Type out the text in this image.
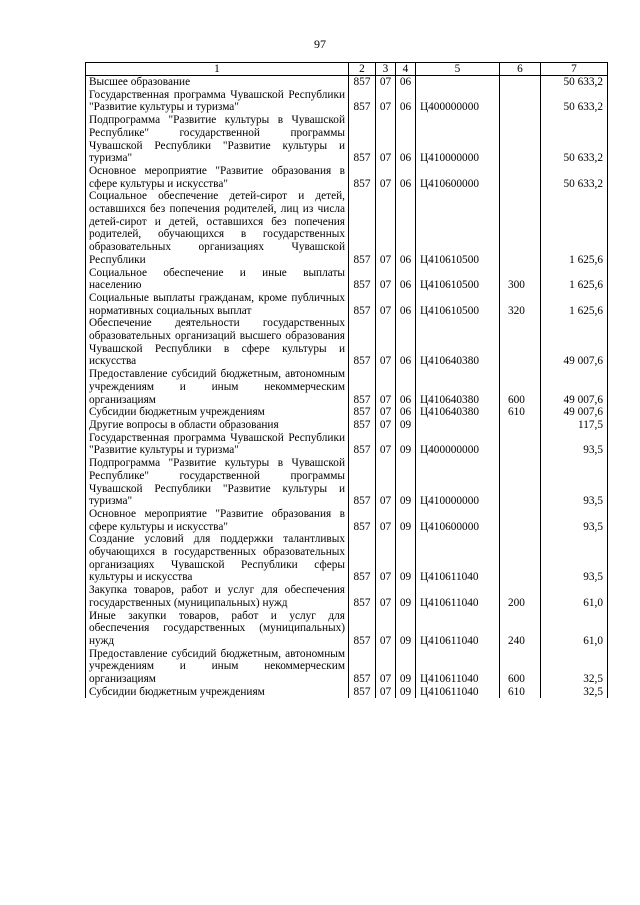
97
1	2	3	4	5	6	7
Высшее образование	857	07	06			50 633,2
Государственная программа Чувашской Республики "Развитие культуры и туризма"	857	07	06	Ц400000000		50 633,2
Подпрограмма "Развитие культуры в Чувашской Республике" государственной программы Чувашской Республики "Развитие культуры и туризма"	857	07	06	Ц410000000		50 633,2
Основное мероприятие "Развитие образования в сфере культуры и искусства"	857	07	06	Ц410600000		50 633,2
Социальное обеспечение детей-сирот и детей, оставшихся без попечения родителей, лиц из числа детей-сирот и детей, оставшихся без попечения родителей, обучающихся в государственных образовательных организациях Чувашской Республики	857	07	06	Ц410610500		1 625,6
Социальное обеспечение и иные выплаты населению	857	07	06	Ц410610500	300	1 625,6
Социальные выплаты гражданам, кроме публичных нормативных социальных выплат	857	07	06	Ц410610500	320	1 625,6
Обеспечение деятельности государственных образовательных организаций высшего образования Чувашской Республики в сфере культуры и искусства	857	07	06	Ц410640380		49 007,6
Предоставление субсидий бюджетным, автономным учреждениям и иным некоммерческим организациям	857	07	06	Ц410640380	600	49 007,6
Субсидии бюджетным учреждениям	857	07	06	Ц410640380	610	49 007,6
Другие вопросы в области образования	857	07	09			117,5
Государственная программа Чувашской Республики "Развитие культуры и туризма"	857	07	09	Ц400000000		93,5
Подпрограмма "Развитие культуры в Чувашской Республике" государственной программы Чувашской Республики "Развитие культуры и туризма"	857	07	09	Ц410000000		93,5
Основное мероприятие "Развитие образования в сфере культуры и искусства"	857	07	09	Ц410600000		93,5
Создание условий для поддержки талантливых обучающихся в государственных образовательных организациях Чувашской Республики сферы культуры и искусства	857	07	09	Ц410611040		93,5
Закупка товаров, работ и услуг для обеспечения государственных (муниципальных) нужд	857	07	09	Ц410611040	200	61,0
Иные закупки товаров, работ и услуг для обеспечения государственных (муниципальных) нужд	857	07	09	Ц410611040	240	61,0
Предоставление субсидий бюджетным, автономным учреждениям и иным некоммерческим организациям	857	07	09	Ц410611040	600	32,5
Субсидии бюджетным учреждениям	857	07	09	Ц410611040	610	32,5
